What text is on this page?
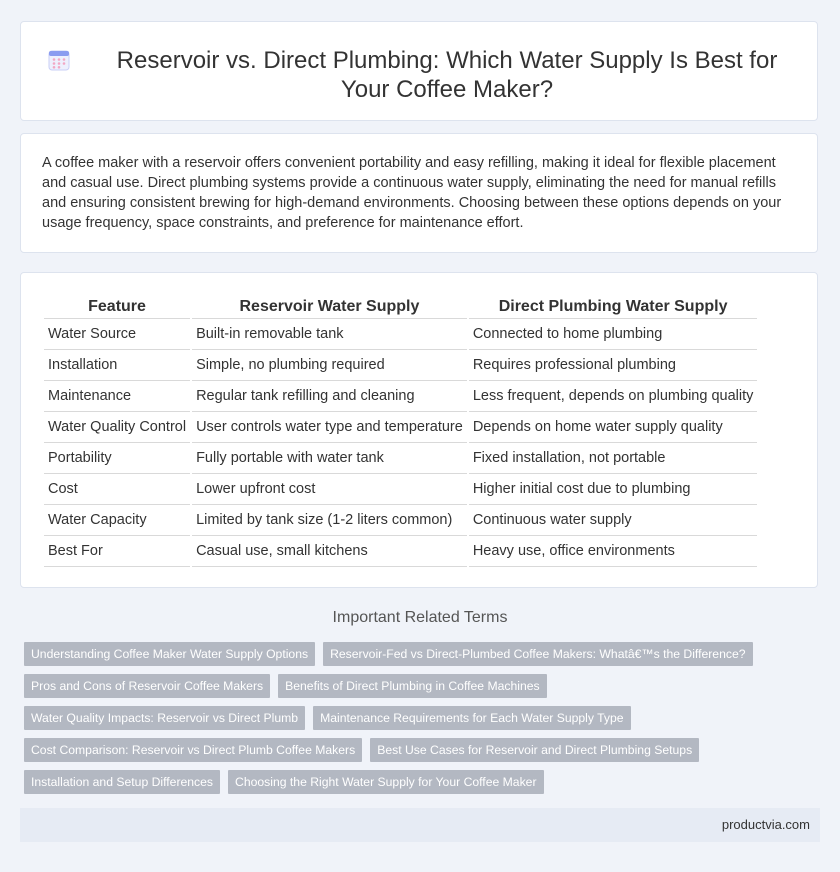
Reservoir vs. Direct Plumbing: Which Water Supply Is Best for Your Coffee Maker?

A coffee maker with a reservoir offers convenient portability and easy refilling, making it ideal for flexible placement and casual use. Direct plumbing systems provide a continuous water supply, eliminating the need for manual refills and ensuring consistent brewing for high-demand environments. Choosing between these options depends on your usage frequency, space constraints, and preference for maintenance effort.

Feature	Reservoir Water Supply	Direct Plumbing Water Supply
Water Source	Built-in removable tank	Connected to home plumbing
Installation	Simple, no plumbing required	Requires professional plumbing
Maintenance	Regular tank refilling and cleaning	Less frequent, depends on plumbing quality
Water Quality Control	User controls water type and temperature	Depends on home water supply quality
Portability	Fully portable with water tank	Fixed installation, not portable
Cost	Lower upfront cost	Higher initial cost due to plumbing
Water Capacity	Limited by tank size (1-2 liters common)	Continuous water supply
Best For	Casual use, small kitchens	Heavy use, office environments
Important Related Terms
Understanding Coffee Maker Water Supply Options	Reservoir-Fed vs Direct-Plumbed Coffee Makers: Whatâ€™s the Difference?
Pros and Cons of Reservoir Coffee Makers	Benefits of Direct Plumbing in Coffee Machines
Water Quality Impacts: Reservoir vs Direct Plumb	Maintenance Requirements for Each Water Supply Type
Cost Comparison: Reservoir vs Direct Plumb Coffee Makers	Best Use Cases for Reservoir and Direct Plumbing Setups
Installation and Setup Differences	Choosing the Right Water Supply for Your Coffee Maker
productvia.com
